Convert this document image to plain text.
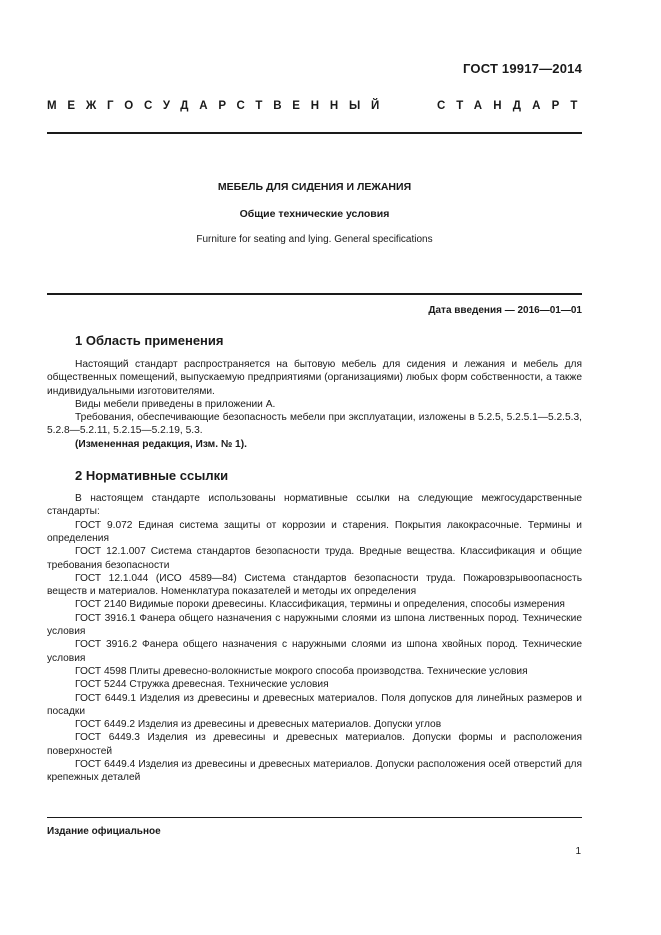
ГОСТ 19917—2014
МЕЖГОСУДАРСТВЕННЫЙ	СТАНДАРТ
МЕБЕЛЬ ДЛЯ СИДЕНИЯ И ЛЕЖАНИЯ
Общие технические условия
Furniture for seating and lying. General specifications
Дата введения — 2016—01—01
1 Область применения

Настоящий стандарт распространяется на бытовую мебель для сидения и лежания и мебель для общественных помещений, выпускаемую предприятиями (организациями) любых форм собственности, а также индивидуальными изготовителями.

Виды мебели приведены в приложении А.

Требования, обеспечивающие безопасность мебели при эксплуатации, изложены в 5.2.5, 5.2.5.1—5.2.5.3, 5.2.8—5.2.11, 5.2.15—5.2.19, 5.3.

(Измененная редакция, Изм. № 1).

2 Нормативные ссылки

В настоящем стандарте использованы нормативные ссылки на следующие межгосударственные стандарты:

ГОСТ 9.072 Единая система защиты от коррозии и старения. Покрытия лакокрасочные. Термины и определения

ГОСТ 12.1.007 Система стандартов безопасности труда. Вредные вещества. Классификация и общие требования безопасности

ГОСТ 12.1.044 (ИСО 4589—84) Система стандартов безопасности труда. Пожаровзрывоопасность веществ и материалов. Номенклатура показателей и методы их определения

ГОСТ 2140 Видимые пороки древесины. Классификация, термины и определения, способы измерения

ГОСТ 3916.1 Фанера общего назначения с наружными слоями из шпона лиственных пород. Технические условия

ГОСТ 3916.2 Фанера общего назначения с наружными слоями из шпона хвойных пород. Технические условия

ГОСТ 4598 Плиты древесно-волокнистые мокрого способа производства. Технические условия

ГОСТ 5244 Стружка древесная. Технические условия

ГОСТ 6449.1 Изделия из древесины и древесных материалов. Поля допусков для линейных размеров и посадки

ГОСТ 6449.2 Изделия из древесины и древесных материалов. Допуски углов

ГОСТ 6449.3 Изделия из древесины и древесных материалов. Допуски формы и расположения поверхностей

ГОСТ 6449.4 Изделия из древесины и древесных материалов. Допуски расположения осей отверстий для крепежных деталей

Издание официальное
1
